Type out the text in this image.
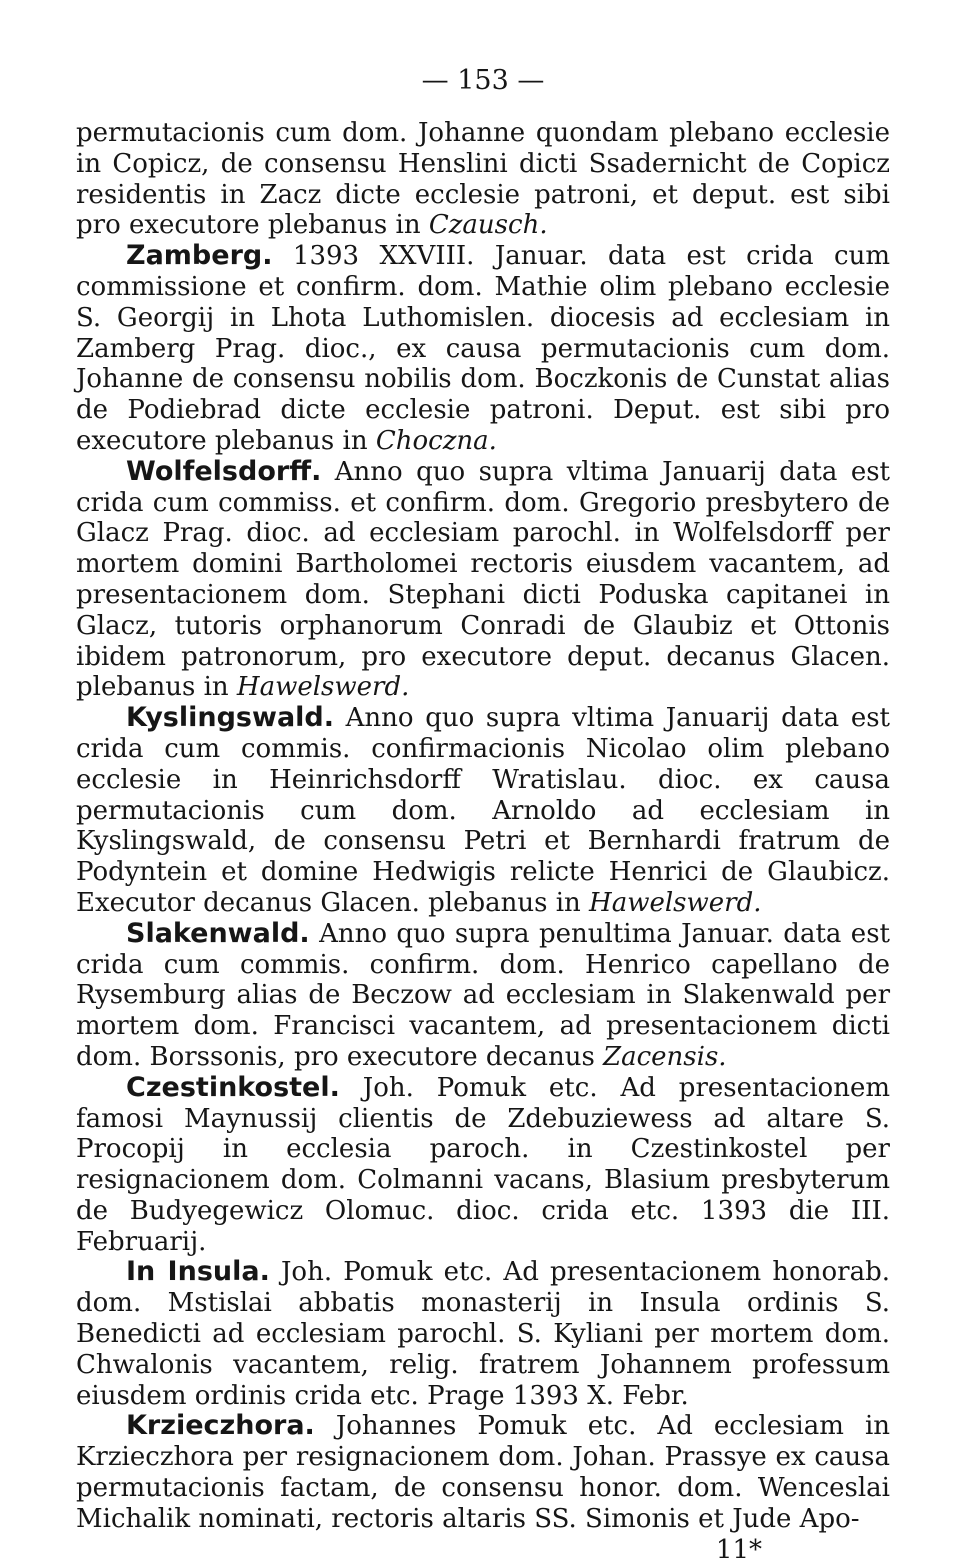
— 153 —

permutacionis cum dom. Johanne quondam plebano ecclesie in Copicz, de consensu Henslini dicti Ssadernicht de Copicz residentis in Zacz dicte ecclesie patroni, et deput. est sibi pro executore plebanus in Czausch.

Zamberg. 1393 XXVIII. Januar. data est crida cum commissione et confirm. dom. Mathie olim plebano ecclesie S. Georgij in Lhota Luthomislen. diocesis ad ecclesiam in Zamberg Prag. dioc., ex causa permutacionis cum dom. Johanne de consensu nobilis dom. Boczkonis de Cunstat alias de Podiebrad dicte ecclesie patroni. Deput. est sibi pro executore plebanus in Choczna.

Wolfelsdorff. Anno quo supra vltima Januarij data est crida cum commiss. et confirm. dom. Gregorio presbytero de Glacz Prag. dioc. ad ecclesiam parochl. in Wolfelsdorff per mortem domini Bartholomei rectoris eiusdem vacantem, ad presentacionem dom. Stephani dicti Poduska capitanei in Glacz, tutoris orphanorum Conradi de Glaubiz et Ottonis ibidem patronorum, pro executore deput. decanus Glacen. plebanus in Hawelswerd.

Kyslingswald. Anno quo supra vltima Januarij data est crida cum commis. confirmacionis Nicolao olim plebano ecclesie in Heinrichsdorff Wratislau. dioc. ex causa permutacionis cum dom. Arnoldo ad ecclesiam in Kyslingswald, de consensu Petri et Bernhardi fratrum de Podyntein et domine Hedwigis relicte Henrici de Glaubicz. Executor decanus Glacen. plebanus in Hawelswerd.

Slakenwald. Anno quo supra penultima Januar. data est crida cum commis. confirm. dom. Henrico capellano de Rysemburg alias de Beczow ad ecclesiam in Slakenwald per mortem dom. Francisci vacantem, ad presentacionem dicti dom. Borssonis, pro executore decanus Zacensis.

Czestinkostel. Joh. Pomuk etc. Ad presentacionem famosi Maynussij clientis de Zdebuziewess ad altare S. Procopij in ecclesia paroch. in Czestinkostel per resignacionem dom. Colmanni vacans, Blasium presbyterum de Budyegewicz Olomuc. dioc. crida etc. 1393 die III. Februarij.

In Insula. Joh. Pomuk etc. Ad presentacionem honorab. dom. Mstislai abbatis monasterij in Insula ordinis S. Benedicti ad ecclesiam parochl. S. Kyliani per mortem dom. Chwalonis vacantem, relig. fratrem Johannem professum eiusdem ordinis crida etc. Prage 1393 X. Febr.

Krzieczhora. Johannes Pomuk etc. Ad ecclesiam in Krzieczhora per resignacionem dom. Johan. Prassye ex causa permutacionis factam, de consensu honor. dom. Wenceslai Michalik nominati, rectoris altaris SS. Simonis et Jude Apo-

11*
